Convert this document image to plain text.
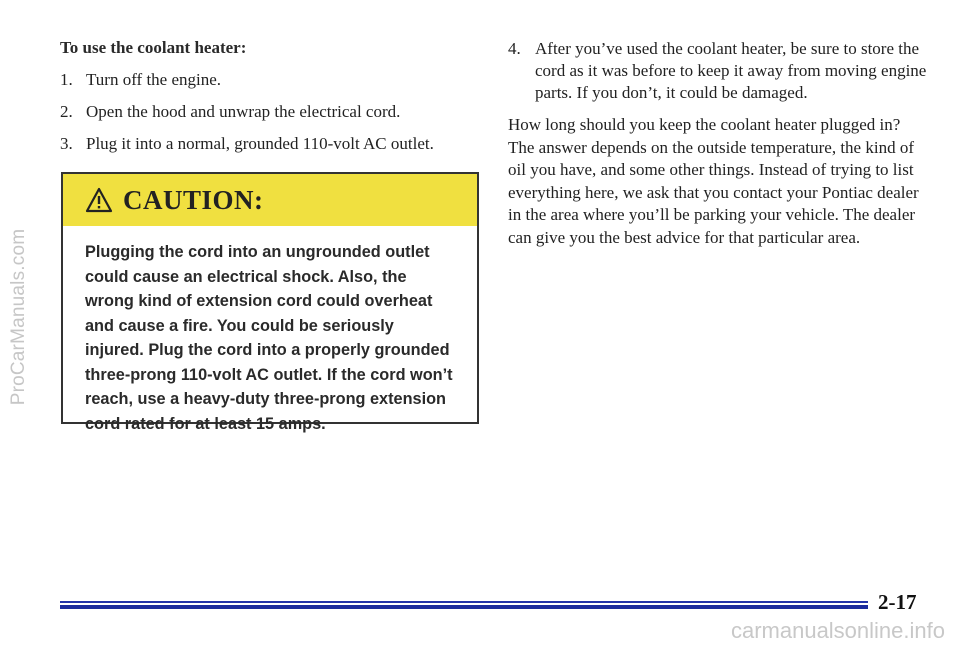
ProCarManuals.com
To use the coolant heater:
1. Turn off the engine.
2. Open the hood and unwrap the electrical cord.
3. Plug it into a normal, grounded 110-volt AC outlet.
CAUTION:
Plugging the cord into an ungrounded outlet could cause an electrical shock. Also, the wrong kind of extension cord could overheat and cause a fire. You could be seriously injured. Plug the cord into a properly grounded three-prong 110-volt AC outlet. If the cord won’t reach, use a heavy-duty three-prong extension cord rated for at least 15 amps.
4. After you’ve used the coolant heater, be sure to store the cord as it was before to keep it away from moving engine parts. If you don’t, it could be damaged.

How long should you keep the coolant heater plugged in? The answer depends on the outside temperature, the kind of oil you have, and some other things. Instead of trying to list everything here, we ask that you contact your Pontiac dealer in the area where you’ll be parking your vehicle. The dealer can give you the best advice for that particular area.

2-17
carmanualsonline.info
